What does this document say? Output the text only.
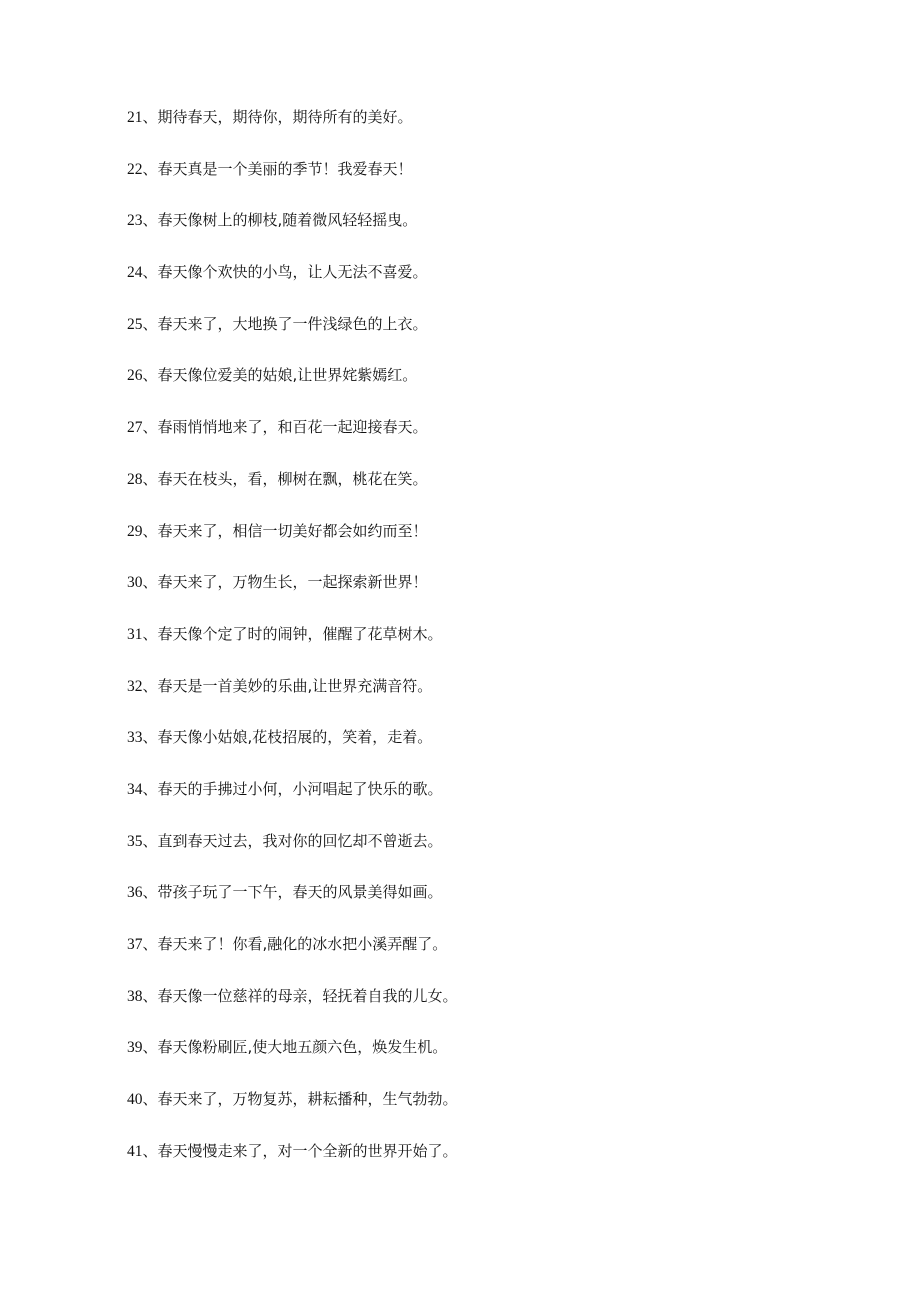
21、期待春天，期待你，期待所有的美好。
22、春天真是一个美丽的季节！我爱春天！
23、春天像树上的柳枝,随着微风轻轻摇曳。
24、春天像个欢快的小鸟，让人无法不喜爱。
25、春天来了，大地换了一件浅绿色的上衣。
26、春天像位爱美的姑娘,让世界姹紫嫣红。
27、春雨悄悄地来了，和百花一起迎接春天。
28、春天在枝头，看，柳树在飘，桃花在笑。
29、春天来了，相信一切美好都会如约而至！
30、春天来了，万物生长，一起探索新世界！
31、春天像个定了时的闹钟，催醒了花草树木。
32、春天是一首美妙的乐曲,让世界充满音符。
33、春天像小姑娘,花枝招展的，笑着，走着。
34、春天的手拂过小何，小河唱起了快乐的歌。
35、直到春天过去，我对你的回忆却不曾逝去。
36、带孩子玩了一下午，春天的风景美得如画。
37、春天来了！你看,融化的冰水把小溪弄醒了。
38、春天像一位慈祥的母亲，轻抚着自我的儿女。
39、春天像粉刷匠,使大地五颜六色，焕发生机。
40、春天来了，万物复苏，耕耘播种，生气勃勃。
41、春天慢慢走来了，对一个全新的世界开始了。
